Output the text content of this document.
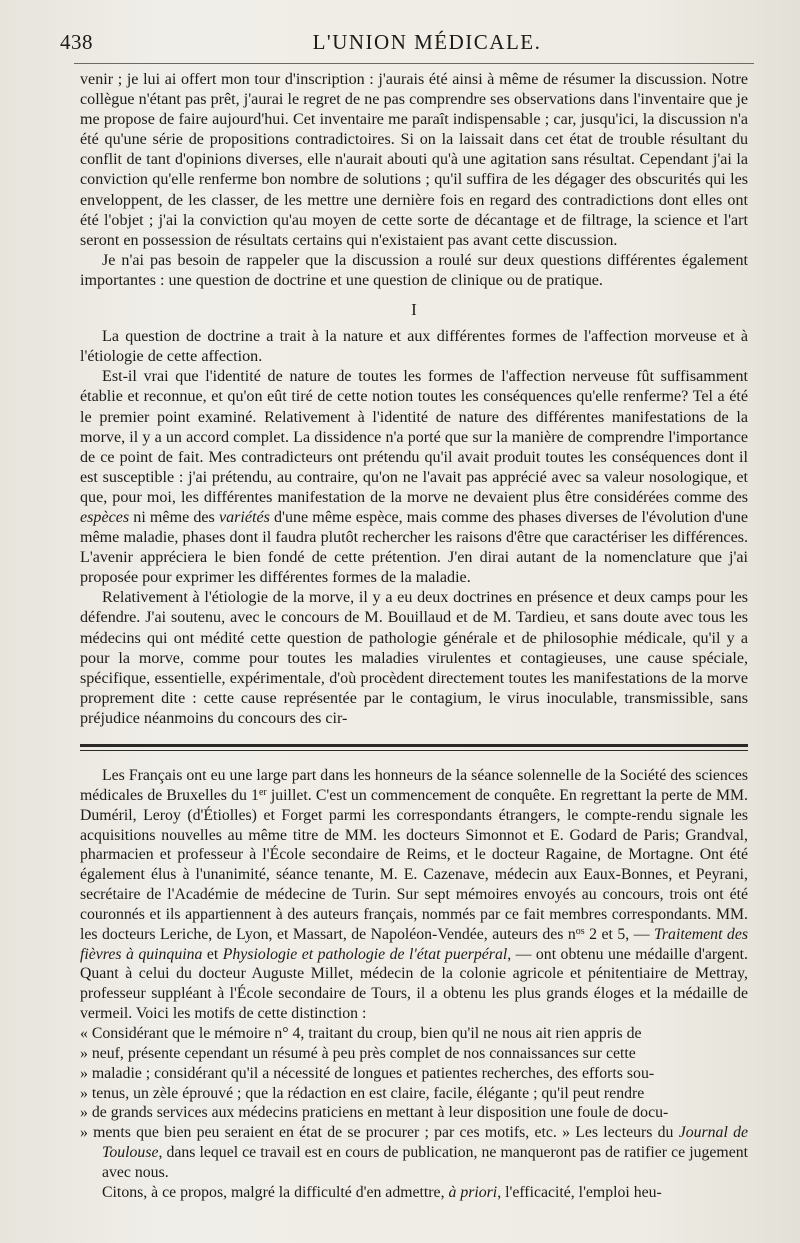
438	L'UNION MÉDICALE.

venir ; je lui ai offert mon tour d'inscription : j'aurais été ainsi à même de résumer la discussion. Notre collègue n'étant pas prêt, j'aurai le regret de ne pas comprendre ses observations dans l'inventaire que je me propose de faire aujourd'hui. Cet inventaire me paraît indispensable ; car, jusqu'ici, la discussion n'a été qu'une série de propositions contradictoires. Si on la laissait dans cet état de trouble résultant du conflit de tant d'opinions diverses, elle n'aurait abouti qu'à une agitation sans résultat. Cependant j'ai la conviction qu'elle renferme bon nombre de solutions ; qu'il suffira de les dégager des obscurités qui les enveloppent, de les classer, de les mettre une dernière fois en regard des contradictions dont elles ont été l'objet ; j'ai la conviction qu'au moyen de cette sorte de décantage et de filtrage, la science et l'art seront en possession de résultats certains qui n'existaient pas avant cette discussion.

Je n'ai pas besoin de rappeler que la discussion a roulé sur deux questions différentes également importantes : une question de doctrine et une question de clinique ou de pratique.

I

La question de doctrine a trait à la nature et aux différentes formes de l'affection morveuse et à l'étiologie de cette affection.

Est-il vrai que l'identité de nature de toutes les formes de l'affection nerveuse fût suffisamment établie et reconnue, et qu'on eût tiré de cette notion toutes les conséquences qu'elle renferme? Tel a été le premier point examiné. Relativement à l'identité de nature des différentes manifestations de la morve, il y a un accord complet. La dissidence n'a porté que sur la manière de comprendre l'importance de ce point de fait. Mes contradicteurs ont prétendu qu'il avait produit toutes les conséquences dont il est susceptible : j'ai prétendu, au contraire, qu'on ne l'avait pas apprécié avec sa valeur nosologique, et que, pour moi, les différentes manifestation de la morve ne devaient plus être considérées comme des espèces ni même des variétés d'une même espèce, mais comme des phases diverses de l'évolution d'une même maladie, phases dont il faudra plutôt rechercher les raisons d'être que caractériser les différences. L'avenir appréciera le bien fondé de cette prétention. J'en dirai autant de la nomenclature que j'ai proposée pour exprimer les différentes formes de la maladie.

Relativement à l'étiologie de la morve, il y a eu deux doctrines en présence et deux camps pour les défendre. J'ai soutenu, avec le concours de M. Bouillaud et de M. Tardieu, et sans doute avec tous les médecins qui ont médité cette question de pathologie générale et de philosophie médicale, qu'il y a pour la morve, comme pour toutes les maladies virulentes et contagieuses, une cause spéciale, spécifique, essentielle, expérimentale, d'où procèdent directement toutes les manifestations de la morve proprement dite : cette cause représentée par le contagium, le virus inoculable, transmissible, sans préjudice néanmoins du concours des cir-

Les Français ont eu une large part dans les honneurs de la séance solennelle de la Société des sciences médicales de Bruxelles du 1er juillet. C'est un commencement de conquête. En regrettant la perte de MM. Duméril, Leroy (d'Étiolles) et Forget parmi les correspondants étrangers, le compte-rendu signale les acquisitions nouvelles au même titre de MM. les docteurs Simonnot et E. Godard de Paris; Grandval, pharmacien et professeur à l'École secondaire de Reims, et le docteur Ragaine, de Mortagne. Ont été également élus à l'unanimité, séance tenante, M. E. Cazenave, médecin aux Eaux-Bonnes, et Peyrani, secrétaire de l'Académie de médecine de Turin. Sur sept mémoires envoyés au concours, trois ont été couronnés et ils appartiennent à des auteurs français, nommés par ce fait membres correspondants. MM. les docteurs Leriche, de Lyon, et Massart, de Napoléon-Vendée, auteurs des $n^{os}$ 2 et 5, — Traitement des fièvres à quinquina et Physiologie et pathologie de l'état puerpéral, — ont obtenu une médaille d'argent. Quant à celui du docteur Auguste Millet, médecin de la colonie agricole et pénitentiaire de Mettray, professeur suppléant à l'École secondaire de Tours, il a obtenu les plus grands éloges et la médaille de vermeil. Voici les motifs de cette distinction :

« Considérant que le mémoire n° 4, traitant du croup, bien qu'il ne nous ait rien appris de
» neuf, présente cependant un résumé à peu près complet de nos connaissances sur cette
» maladie ; considérant qu'il a nécessité de longues et patientes recherches, des efforts sou-
» tenus, un zèle éprouvé ; que la rédaction en est claire, facile, élégante ; qu'il peut rendre
» de grands services aux médecins praticiens en mettant à leur disposition une foule de docu-
» ments que bien peu seraient en état de se procurer ; par ces motifs, etc. » Les lecteurs du Journal de Toulouse, dans lequel ce travail est en cours de publication, ne manqueront pas de ratifier ce jugement avec nous.

Citons, à ce propos, malgré la difficulté d'en admettre, à priori, l'efficacité, l'emploi heu-
